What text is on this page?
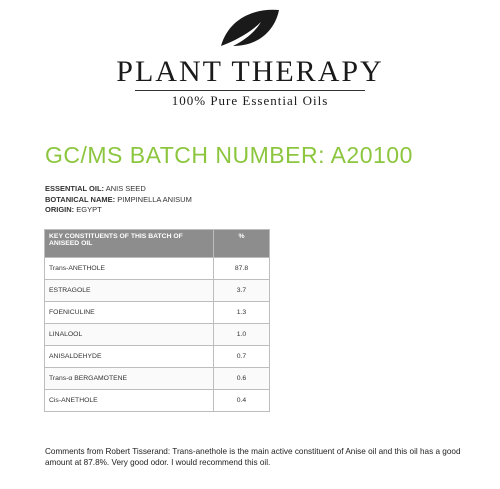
PLANT THERAPY
100% Pure Essential Oils
GC/MS BATCH NUMBER: A20100
ESSENTIAL OIL: ANIS SEED
BOTANICAL NAME: PIMPINELLA ANISUM
ORIGIN: EGYPT
KEY CONSTITUENTS OF THIS BATCH OF ANISEED OIL	%
Trans-ANETHOLE	87.8
ESTRAGOLE	3.7
FOENICULINE	1.3
LINALOOL	1.0
ANISALDEHYDE	0.7
Trans-α BERGAMOTENE	0.6
Cis-ANETHOLE	0.4
Comments from Robert Tisserand: Trans-anethole is the main active constituent of Anise oil and this oil has a good amount at 87.8%. Very good odor. I would recommend this oil.
